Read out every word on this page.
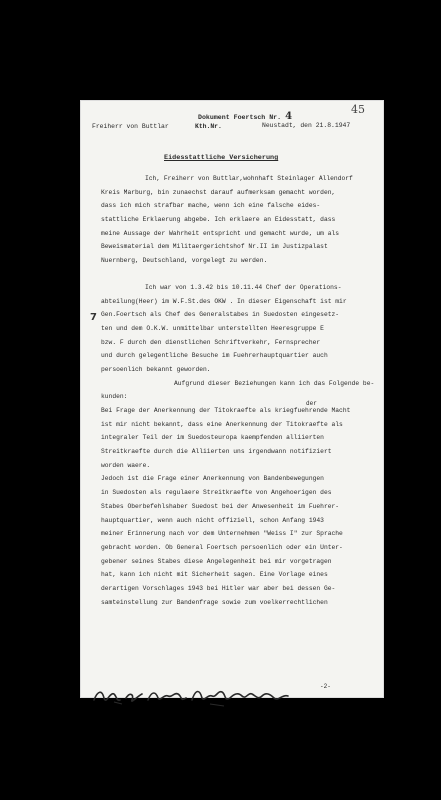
45
Dokument Foertsch Nr. 4
Freiherr von Buttlar	Kth.Nr.	Neustadt, den 21.8.1947
Eidesstattliche Versicherung
7
der
Ich, Freiherr von Buttlar,wohnhaft Steinlager Allendorf
Kreis Marburg, bin zunaechst darauf aufmerksam gemacht worden,
dass ich mich strafbar mache, wenn ich eine falsche eides-
stattliche Erklaerung abgebe. Ich erklaere an Eidesstatt, dass
meine Aussage der Wahrheit entspricht und gemacht wurde, um als
Beweismaterial dem Militaergerichtshof Nr.II im Justizpalast
Nuernberg, Deutschland, vorgelegt zu werden.
Ich war von 1.3.42 bis 10.11.44 Chef der Operations-
abteilung(Heer) im W.F.St.des OKW . In dieser Eigenschaft ist mir
Gen.Foertsch als Chef des Generalstabes in Suedosten eingesetz-
ten und dem O.K.W. unmittelbar unterstellten Heeresgruppe E
bzw. F durch den dienstlichen Schriftverkehr, Fernsprecher
und durch gelegentliche Besuche im Fuehrerhauptquartier auch
persoenlich bekannt geworden.
Aufgrund dieser Beziehungen kann ich das Folgende be-
kunden:
Bei Frage der Anerkennung der Titokraefte als kriegfuehrende Macht
ist mir nicht bekannt, dass eine Anerkennung der Titokraefte als
integraler Teil der im Suedosteuropa kaempfenden alliierten
Streitkraefte durch die Alliierten uns irgendwann notifiziert
worden waere.
Jedoch ist die Frage einer Anerkennung von Bandenbewegungen
in Suedosten als regulaere Streitkraefte von Angehoerigen des
Stabes Oberbefehlshaber Suedost bei der Anwesenheit im Fuehrer-
hauptquartier, wenn auch nicht offiziell, schon Anfang 1943
meiner Erinnerung nach vor dem Unternehmen "Weiss I" zur Sprache
gebracht worden. Ob General Foertsch persoenlich oder ein Unter-
gebener seines Stabes diese Angelegenheit bei mir vorgetragen
hat, kann ich nicht mit Sicherheit sagen. Eine Vorlage eines
derartigen Vorschlages 1943 bei Hitler war aber bei dessen Ge-
samteinstellung zur Bandenfrage sowie zum voelkerrechtlichen
-2-
